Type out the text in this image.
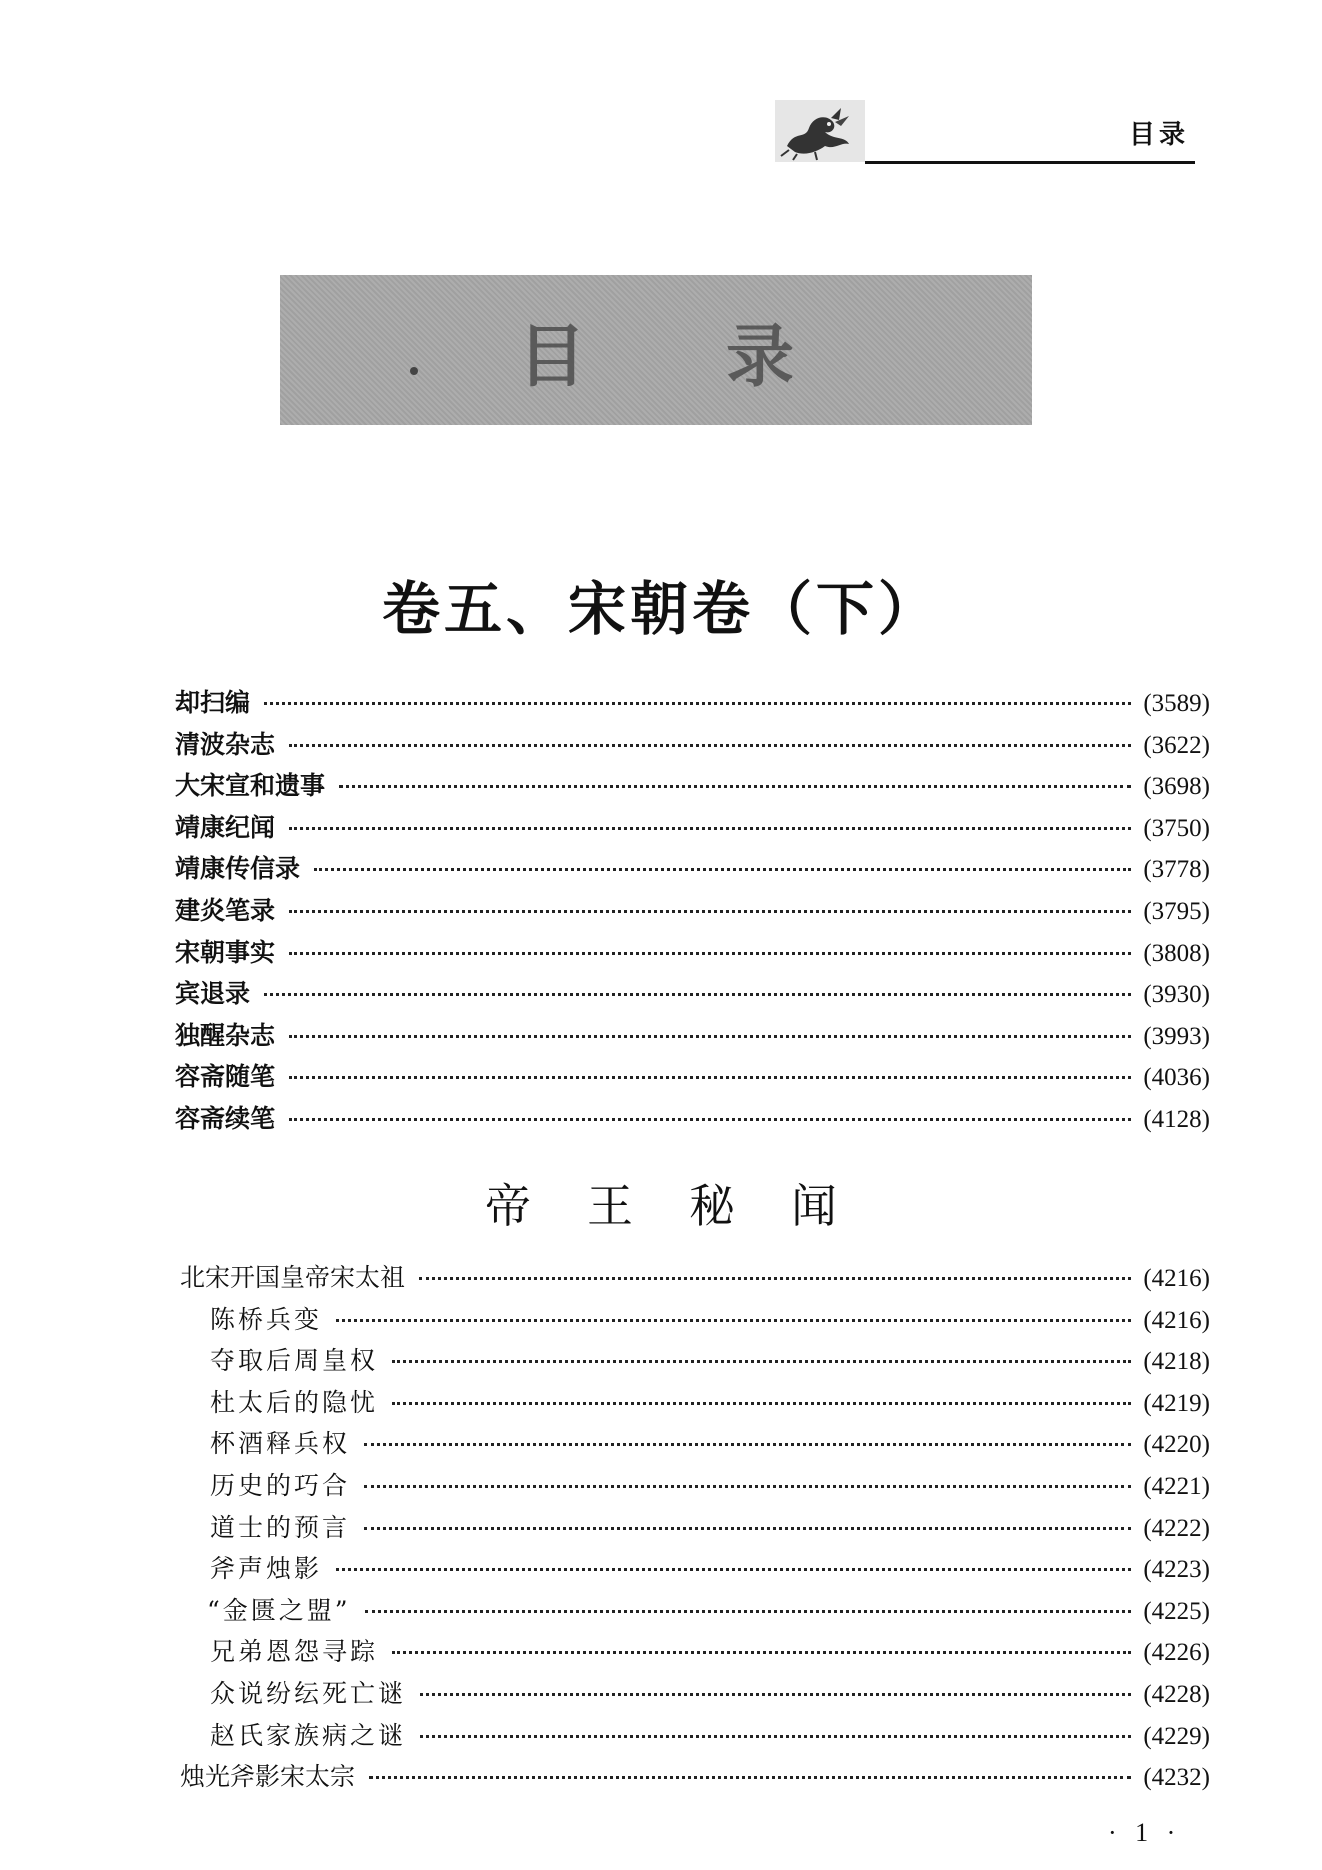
目录
目录
卷五、宋朝卷（下）
却扫编	( 3589 )
清波杂志	( 3622 )
大宋宣和遗事	( 3698 )
靖康纪闻	( 3750 )
靖康传信录	( 3778 )
建炎笔录	( 3795 )
宋朝事实	( 3808 )
宾退录	( 3930 )
独醒杂志	( 3993 )
容斋随笔	( 4036 )
容斋续笔	( 4128 )
帝王秘闻
北宋开国皇帝宋太祖	( 4216 )
陈桥兵变	( 4216 )
夺取后周皇权	( 4218 )
杜太后的隐忧	( 4219 )
杯酒释兵权	( 4220 )
历史的巧合	( 4221 )
道士的预言	( 4222 )
斧声烛影	( 4223 )
“金匮之盟”	( 4225 )
兄弟恩怨寻踪	( 4226 )
众说纷纭死亡谜	( 4228 )
赵氏家族病之谜	( 4229 )
烛光斧影宋太宗	( 4232 )
· 1 ·
